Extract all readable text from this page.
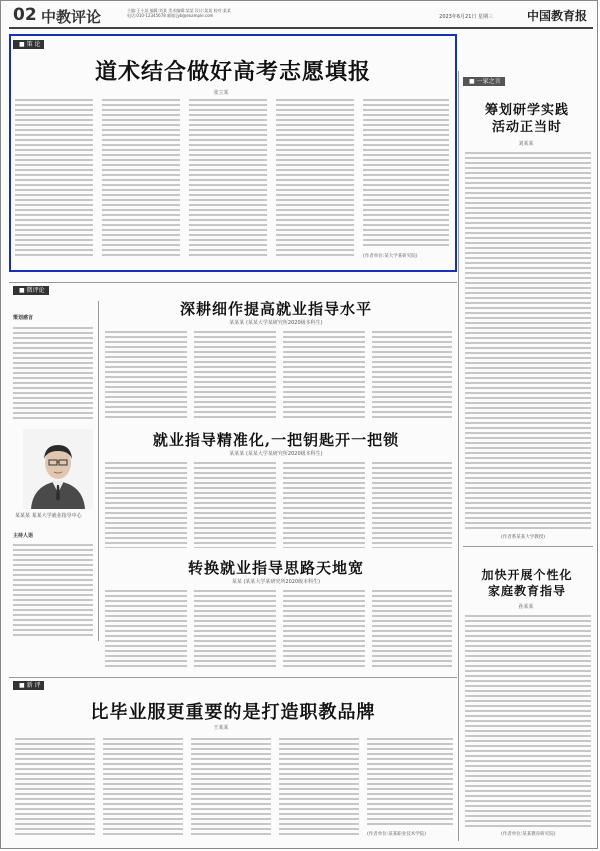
02 中教评论	主编:王小某 编辑:刘某 美术编辑:某某 设计:某某 校对:某某
电话:010-12345678 邮箱:jyb@example.com	2023年6月21日 星期三	中国教育报
■ 策 论
道术结合做好高考志愿填报
张立某
(作者单位:某大学某研究院)
■ 一家之言
筹划研学实践
活动正当时
刘某某
(作者系某某大学教授)
■ 微评论
策划感言
某某某 某某大学就业指导中心
主持人语
深耕细作提高就业指导水平
某某某 (某某大学某研究所2020级本科生)
就业指导精准化,一把钥匙开一把锁
某某某 (某某大学某研究所2020级本科生)
转换就业指导思路天地宽
某某 (某某大学某研究所2020级本科生)
■ 新 评
比毕业服更重要的是打造职教品牌
王某某
(作者单位:某某职业技术学院)
加快开展个性化
家庭教育指导
孙某某
(作者单位:某某教育研究院)
